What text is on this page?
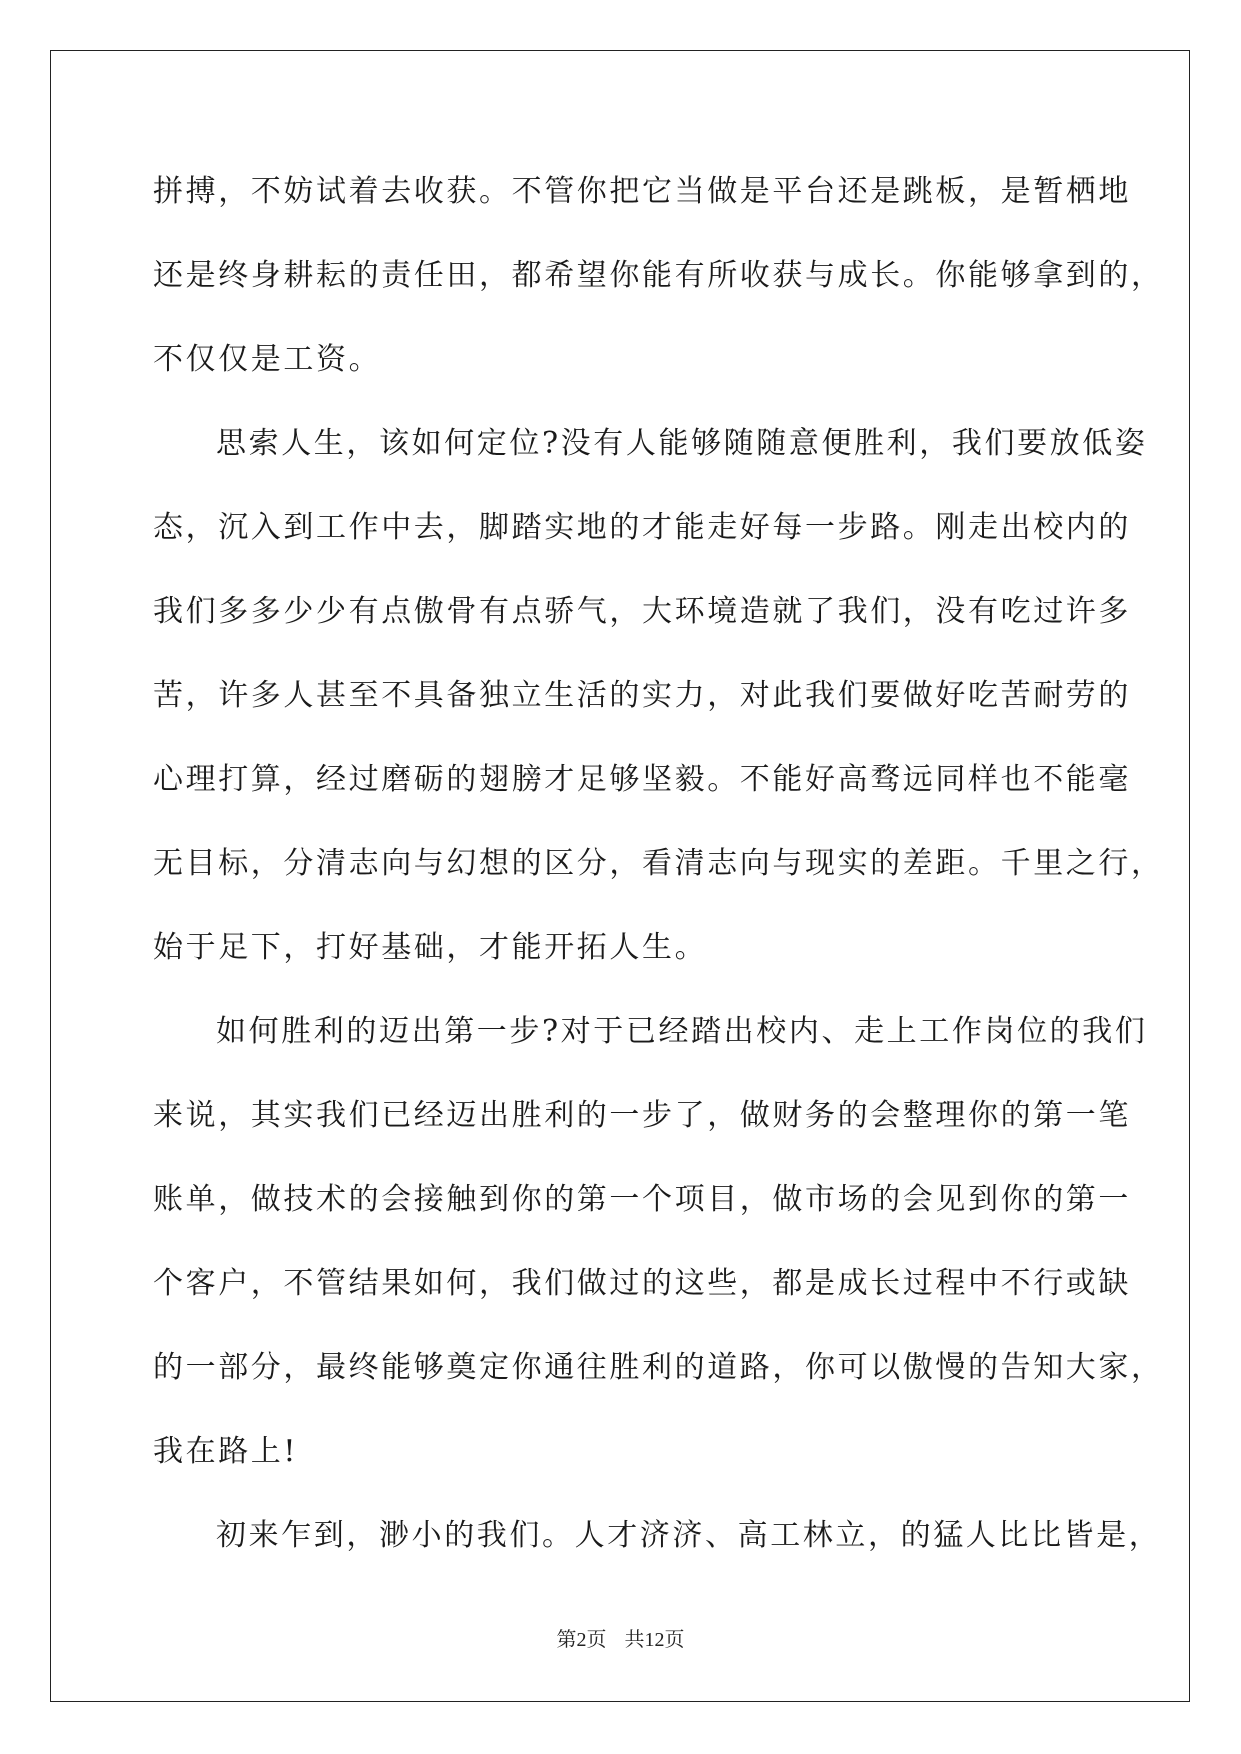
拼搏，不妨试着去收获。不管你把它当做是平台还是跳板，是暂栖地
还是终身耕耘的责任田，都希望你能有所收获与成长。你能够拿到的，
不仅仅是工资。
思索人生，该如何定位?没有人能够随随意便胜利，我们要放低姿
态，沉入到工作中去，脚踏实地的才能走好每一步路。刚走出校内的
我们多多少少有点傲骨有点骄气，大环境造就了我们，没有吃过许多
苦，许多人甚至不具备独立生活的实力，对此我们要做好吃苦耐劳的
心理打算，经过磨砺的翅膀才足够坚毅。不能好高骛远同样也不能毫
无目标，分清志向与幻想的区分，看清志向与现实的差距。千里之行，
始于足下，打好基础，才能开拓人生。
如何胜利的迈出第一步?对于已经踏出校内、走上工作岗位的我们
来说，其实我们已经迈出胜利的一步了，做财务的会整理你的第一笔
账单，做技术的会接触到你的第一个项目，做市场的会见到你的第一
个客户，不管结果如何，我们做过的这些，都是成长过程中不行或缺
的一部分，最终能够奠定你通往胜利的道路，你可以傲慢的告知大家，
我在路上!
初来乍到，渺小的我们。人才济济、高工林立，的猛人比比皆是，
第2页 共12页
